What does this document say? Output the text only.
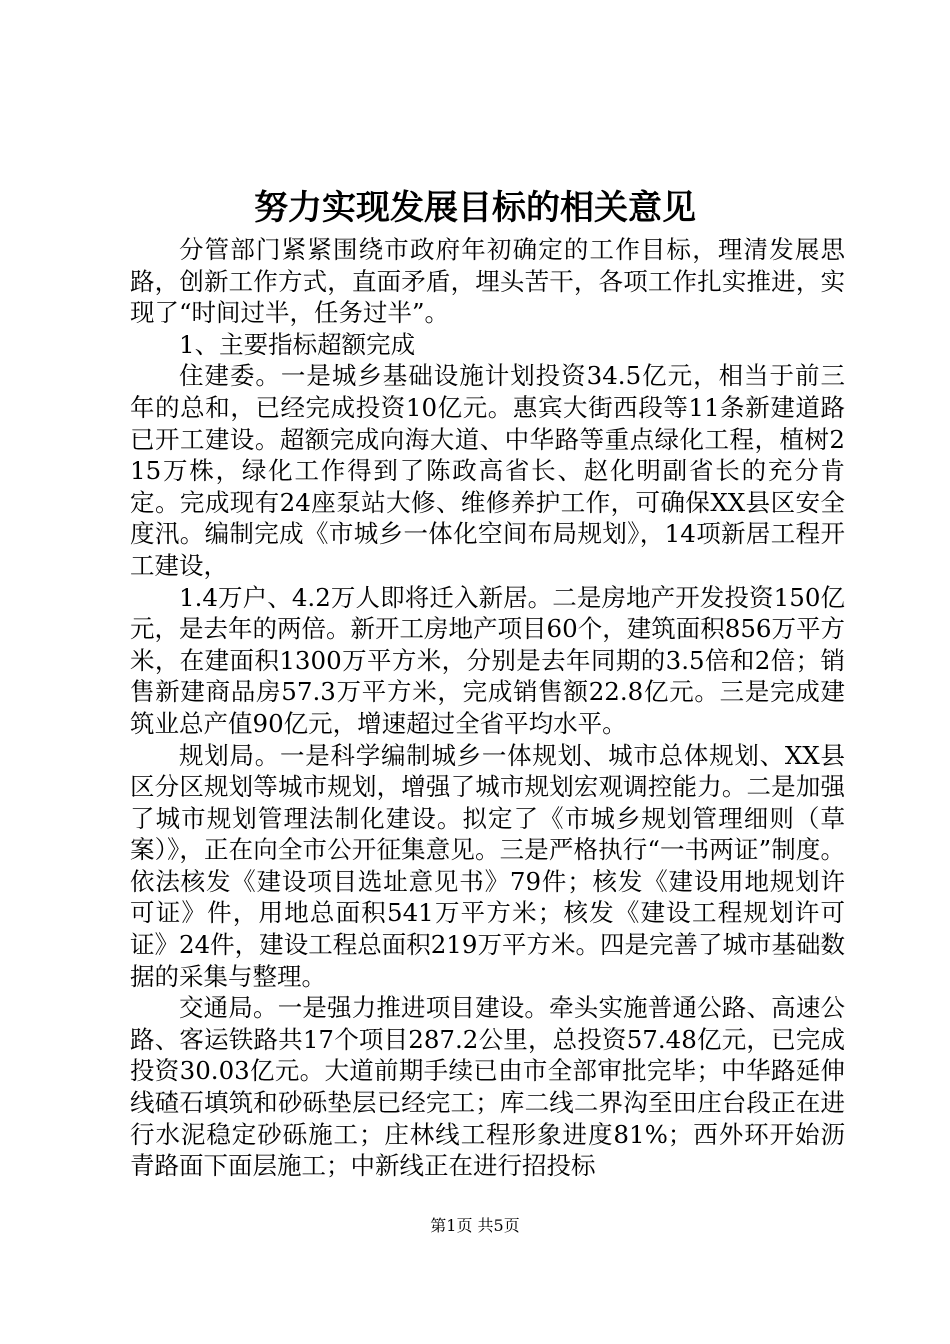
努力实现发展目标的相关意见

分管部门紧紧围绕市政府年初确定的工作目标，理清发展思路，创新工作方式，直面矛盾，埋头苦干，各项工作扎实推进，实现了“时间过半，任务过半”。

1、主要指标超额完成

住建委。一是城乡基础设施计划投资34.5亿元，相当于前三年的总和，已经完成投资10亿元。惠宾大街西段等11条新建道路已开工建设。超额完成向海大道、中华路等重点绿化工程，植树215万株，绿化工作得到了陈政高省长、赵化明副省长的充分肯定。完成现有24座泵站大修、维修养护工作，可确保XX县区安全度汛。编制完成《市城乡一体化空间布局规划》，14项新居工程开工建设，

1.4万户、4.2万人即将迁入新居。二是房地产开发投资150亿元，是去年的两倍。新开工房地产项目60个，建筑面积856万平方米，在建面积1300万平方米，分别是去年同期的3.5倍和2倍；销售新建商品房57.3万平方米，完成销售额22.8亿元。三是完成建筑业总产值90亿元，增速超过全省平均水平。

规划局。一是科学编制城乡一体规划、城市总体规划、XX县区分区规划等城市规划，增强了城市规划宏观调控能力。二是加强了城市规划管理法制化建设。拟定了《市城乡规划管理细则（草案）》，正在向全市公开征集意见。三是严格执行“一书两证”制度。依法核发《建设项目选址意见书》79件；核发《建设用地规划许可证》件，用地总面积541万平方米；核发《建设工程规划许可证》24件，建设工程总面积219万平方米。四是完善了城市基础数据的采集与整理。

交通局。一是强力推进项目建设。牵头实施普通公路、高速公路、客运铁路共17个项目287.2公里，总投资57.48亿元，已完成投资30.03亿元。大道前期手续已由市全部审批完毕；中华路延伸线碴石填筑和砂砾垫层已经完工；库二线二界沟至田庄台段正在进行水泥稳定砂砾施工；庄林线工程形象进度81%；西外环开始沥青路面下面层施工；中新线正在进行招投标

第1页 共5页
